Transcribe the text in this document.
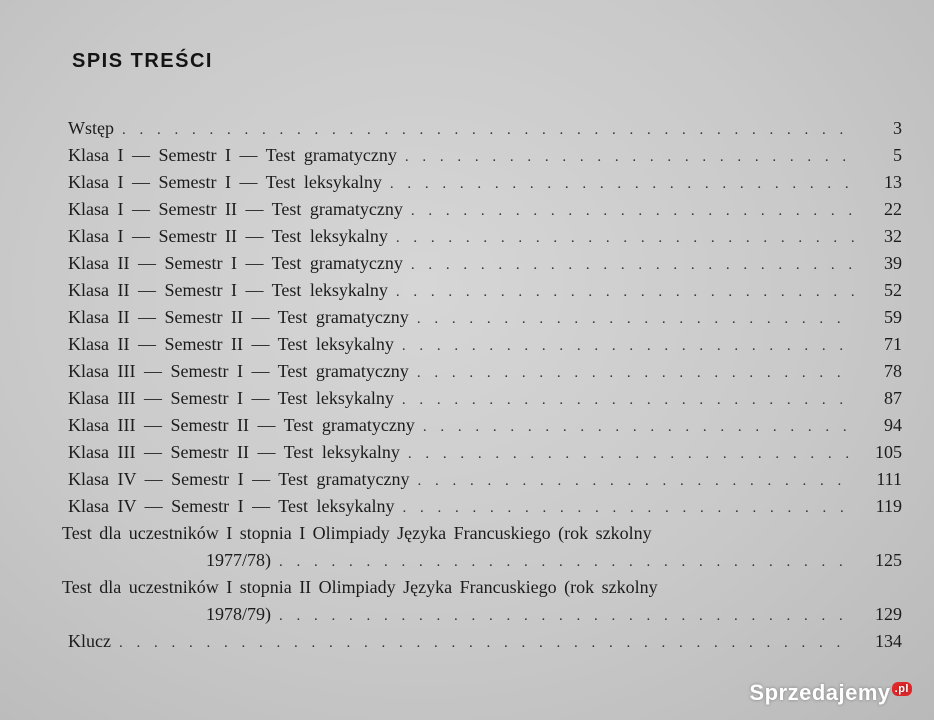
SPIS TREŚCI
Wstęp . . .	3
Klasa I — Semestr I — Test gramatyczny . . .	5
Klasa I — Semestr I — Test leksykalny . . .	13
Klasa I — Semestr II — Test gramatyczny . . .	22
Klasa I — Semestr II — Test leksykalny . . .	32
Klasa II — Semestr I — Test gramatyczny . . .	39
Klasa II — Semestr I — Test leksykalny . . .	52
Klasa II — Semestr II — Test gramatyczny . . .	59
Klasa II — Semestr II — Test leksykalny . . .	71
Klasa III — Semestr I — Test gramatyczny . . .	78
Klasa III — Semestr I — Test leksykalny . . .	87
Klasa III — Semestr II — Test gramatyczny . . .	94
Klasa III — Semestr II — Test leksykalny . . .	105
Klasa IV — Semestr I — Test gramatyczny . . .	111
Klasa IV — Semestr I — Test leksykalny . . .	119
Test dla uczestników I stopnia I Olimpiady Języka Francuskiego (rok szkolny
1977/78) . . .	125
Test dla uczestników I stopnia II Olimpiady Języka Francuskiego (rok szkolny
1978/79) . . .	129
Klucz . . .	134
Sprzedajemy .pl
